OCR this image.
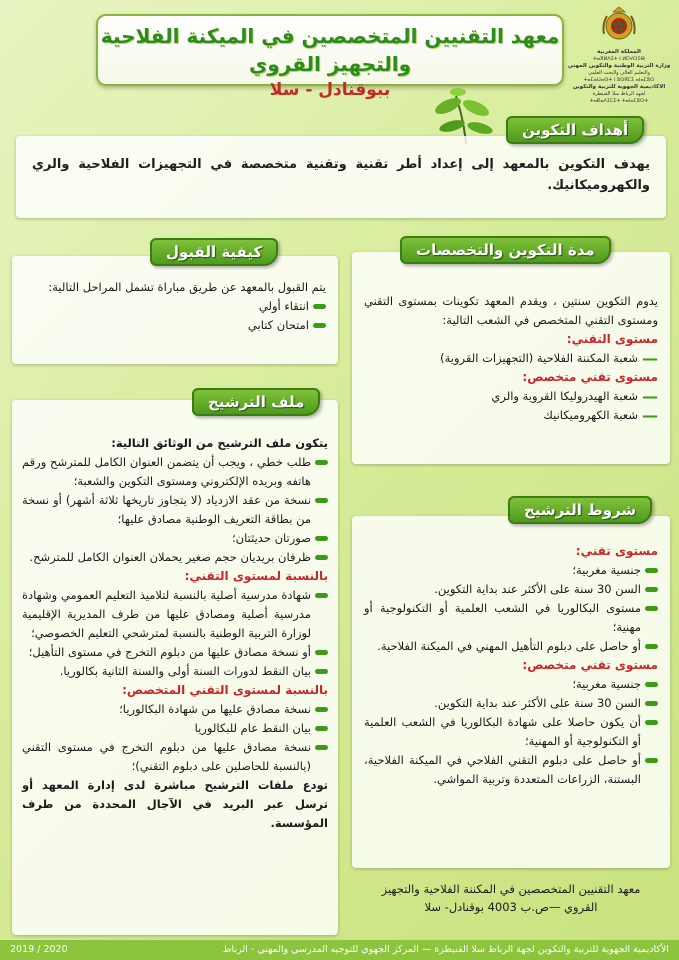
معهد التقنيين المتخصصين في الميكنة الفلاحية والتجهيز القروي
ببوقنادل - سلا
المملكة المغربية
ⵜⴰⴳⵍⴷⵉⵜ ⵏ ⵍⵎⵖⵔⵉⴱ
وزارة التربية الوطنية والتكوين المهني
والتعليم العالي والبحث العلمي
ⵜⴰⵎⴰⵡⴰⵙⵜ ⵏ ⵓⵙⴳⵎⵉ ⴰⵏⴰⵎⵓⵔ
الأكاديمية الجهوية للتربية والتكوين
لجهة الرباط سلا القنيطرة
ⵜⴰⴽⴰⴷⵉⵎⵉⵜ ⵜⴰⵏⴰⵎⵓⵔⵜ
يهدف التكوين بالمعهد إلى إعداد أطر تقنية وتقنية متخصصة في التجهيزات الفلاحية والري والكهروميكانيك.
أهداف التكوين
يتم القبول بالمعهد عن طريق مباراة تشمل المراحل التالية:
انتقاء أولي
امتحان كتابي
كيفية القبول
يدوم التكوين سنتين ، ويقدم المعهد تكوينات بمستوى التقني ومستوى التقني المتخصص في الشعب التالية:
مستوى التقني:
—
شعبة المكننة الفلاحية (التجهيزات القروية)
مستوى تقني متخصص:
—
شعبة الهيدروليكا القروية والري
—
شعبة الكهروميكانيك
مدة التكوين والتخصصات
يتكون ملف الترشيح من الوثائق التالية:
طلب خطي ، ويجب أن يتضمن العنوان الكامل للمترشح ورقم هاتفه وبريده الإلكتروني ومستوى التكوين والشعبة؛
نسخة من عقد الازدياد (لا يتجاوز تاريخها ثلاثة أشهر) أو نسخة من بطاقة التعريف الوطنية مصادق عليها؛
صورتان حديثتان؛
ظرفان بريديان حجم صغير يحملان العنوان الكامل للمترشح.
بالنسبة لمستوى التقني:
شهادة مدرسية أصلية بالنسبة لتلاميذ التعليم العمومي وشهادة مدرسية أصلية ومصادق عليها من طرف المديرية الإقليمية لوزارة التربية الوطنية بالنسبة لمترشحي التعليم الخصوصي؛
أو نسخة مصادق عليها من دبلوم التخرج في مستوى التأهيل؛
بيان النقط لدورات السنة أولى والسنة الثانية بكالوريا.
بالنسبة لمستوى التقني المتخصص:
نسخة مصادق عليها من شهادة البكالوريا؛
بيان النقط عام للبكالوريا
نسخة مصادق عليها من دبلوم التخرج في مستوى التقني (بالنسبة للحاصلين على دبلوم التقني)؛
تودع ملفات الترشيح مباشرة لدى إدارة المعهد أو ترسل عبر البريد في الآجال المحددة من طرف المؤسسة.
ملف الترشيح
مستوى تقني:
جنسية مغربية؛
السن 30 سنة على الأكثر عند بداية التكوين.
مستوى البكالوريا في الشعب العلمية أو التكنولوجية أو مهنية؛
أو حاصل على دبلوم التأهيل المهني في الميكنة الفلاحية.
مستوى تقني متخصص:
جنسية مغربية؛
السن 30 سنة على الأكثر عند بداية التكوين.
أن يكون حاصلا على شهادة البكالوريا في الشعب العلمية أو التكنولوجية أو المهنية؛
أو حاصل على دبلوم التقني الفلاحي في الميكنة الفلاحية، البستنة، الزراعات المتعددة وتربية المواشي.
شروط الترشيح
معهد التقنيين المتخصصين في المكننة الفلاحية والتجهيز
القروي —ص.ب 4003 بوقنادل- سلا
الأكاديمية الجهوية للتربية والتكوين لجهة الرباط سلا القنيطرة — المركز الجهوي للتوجيه المدرسي والمهني - الرباط
2020 / 2019
